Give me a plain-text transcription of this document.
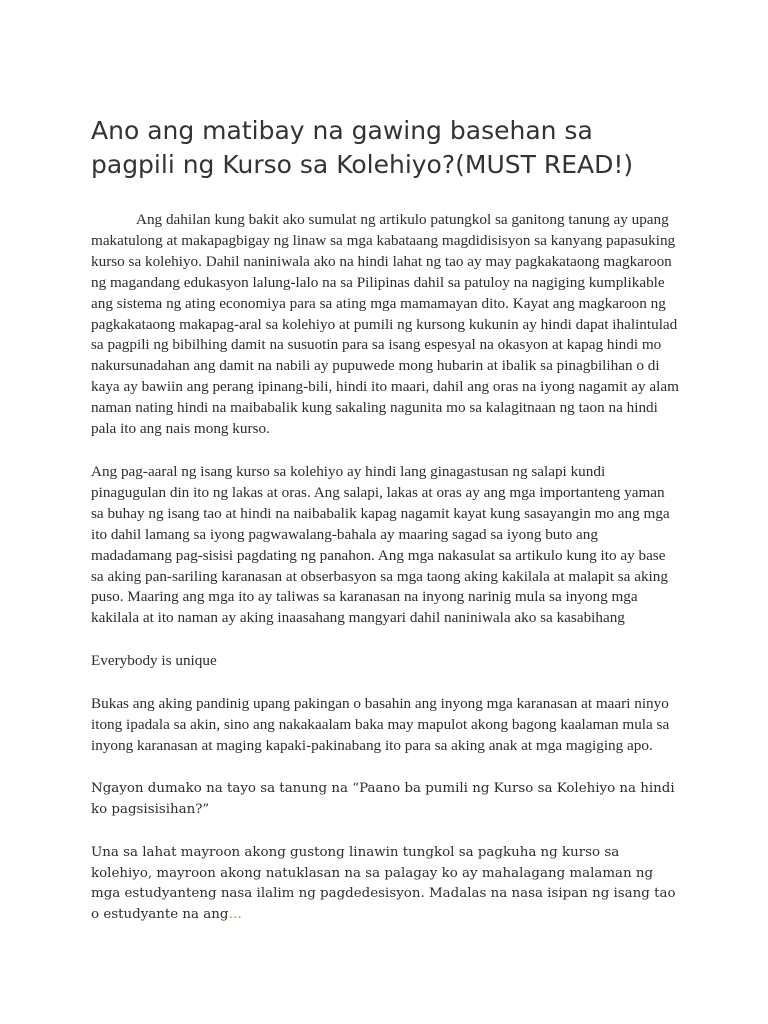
Ano ang matibay na gawing basehan sa pagpili ng Kurso sa Kolehiyo?(MUST READ!)

Ang dahilan kung bakit ako sumulat ng artikulo patungkol sa ganitong tanung ay upang makatulong at makapagbigay ng linaw sa mga kabataang magdidisisyon sa kanyang papasuking kurso sa kolehiyo. Dahil naniniwala ako na hindi lahat ng tao ay may pagkakataong magkaroon ng magandang edukasyon lalung-lalo na sa Pilipinas dahil sa patuloy na nagiging kumplikable ang sistema ng ating economiya para sa ating mga mamamayan dito. Kayat ang magkaroon ng pagkakataong makapag-aral sa kolehiyo at pumili ng kursong kukunin ay hindi dapat ihalintulad sa pagpili ng bibilhing damit na susuotin para sa isang espesyal na okasyon at kapag hindi mo nakursunadahan ang damit na nabili ay pupuwede mong hubarin at ibalik sa pinagbilihan o di kaya ay bawiin ang perang ipinang-bili, hindi ito maari, dahil ang oras na iyong nagamit ay alam naman nating hindi na maibabalik kung sakaling nagunita mo sa kalagitnaan ng taon na hindi pala ito ang nais mong kurso.

Ang pag-aaral ng isang kurso sa kolehiyo ay hindi lang ginagastusan ng salapi kundi pinagugulan din ito ng lakas at oras. Ang salapi, lakas at oras ay ang mga importanteng yaman sa buhay ng isang tao at hindi na naibabalik kapag nagamit kayat kung sasayangin mo ang mga ito dahil lamang sa iyong pagwawalang-bahala ay maaring sagad sa iyong buto ang madadamang pag-sisisi pagdating ng panahon. Ang mga nakasulat sa artikulo kung ito ay base sa aking pan-sariling karanasan at obserbasyon sa mga taong aking kakilala at malapit sa aking puso. Maaring ang mga ito ay taliwas sa karanasan na inyong narinig mula sa inyong mga kakilala at ito naman ay aking inaasahang mangyari dahil naniniwala ako sa kasabihang

Everybody is unique

Bukas ang aking pandinig upang pakingan o basahin ang inyong mga karanasan at maari ninyo itong ipadala sa akin, sino ang nakakaalam baka may mapulot akong bagong kaalaman mula sa inyong karanasan at maging kapaki-pakinabang ito para sa aking anak at mga magiging apo.

Ngayon dumako na tayo sa tanung na “Paano ba pumili ng Kurso sa Kolehiyo na hindi ko pagsisisihan?”

Una sa lahat mayroon akong gustong linawin tungkol sa pagkuha ng kurso sa kolehiyo, mayroon akong natuklasan na sa palagay ko ay mahalagang malaman ng mga estudyanteng nasa ilalim ng pagdedesisyon. Madalas na nasa isipan ng isang tao o estudyante na ang…
